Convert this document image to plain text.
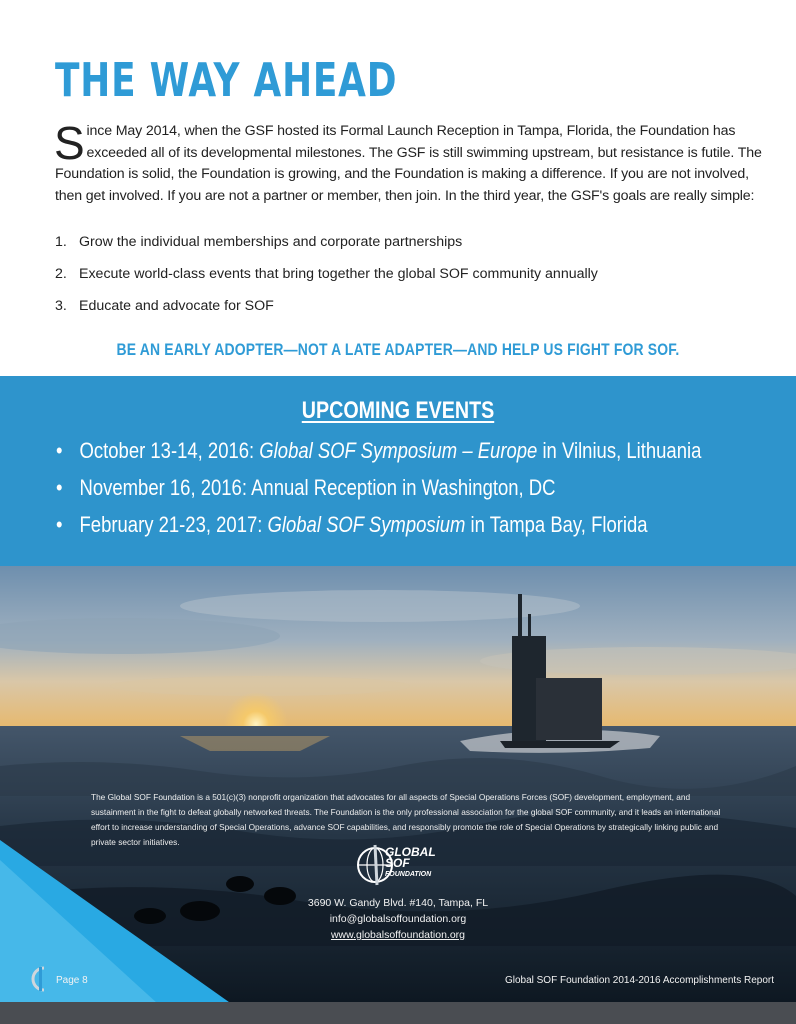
THE WAY AHEAD
Since May 2014, when the GSF hosted its Formal Launch Reception in Tampa, Florida, the Foundation has exceeded all of its developmental milestones. The GSF is still swimming upstream, but resistance is futile. The Foundation is solid, the Foundation is growing, and the Foundation is making a difference. If you are not involved, then get involved. If you are not a partner or member, then join. In the third year, the GSF's goals are really simple:
1. Grow the individual memberships and corporate partnerships
2. Execute world-class events that bring together the global SOF community annually
3. Educate and advocate for SOF
BE AN EARLY ADOPTER—NOT A LATE ADAPTER—AND HELP US FIGHT FOR SOF.
UPCOMING EVENTS
• October 13-14, 2016: Global SOF Symposium – Europe in Vilnius, Lithuania
• November 16, 2016: Annual Reception in Washington, DC
• February 21-23, 2017: Global SOF Symposium in Tampa Bay, Florida
The Global SOF Foundation is a 501(c)(3) nonprofit organization that advocates for all aspects of Special Operations Forces (SOF) development, employment, and sustainment in the fight to defeat globally networked threats. The Foundation is the only professional association for the global SOF community, and it leads an international effort to increase understanding of Special Operations, advance SOF capabilities, and responsibly promote the role of Special Operations by strategically linking public and private sector initiatives.
GLOBAL
SOF
FOUNDATION
3690 W. Gandy Blvd. #140, Tampa, FL
info@globalsoffoundation.org
www.globalsoffoundation.org
Page 8	Global SOF Foundation 2014-2016 Accomplishments Report
